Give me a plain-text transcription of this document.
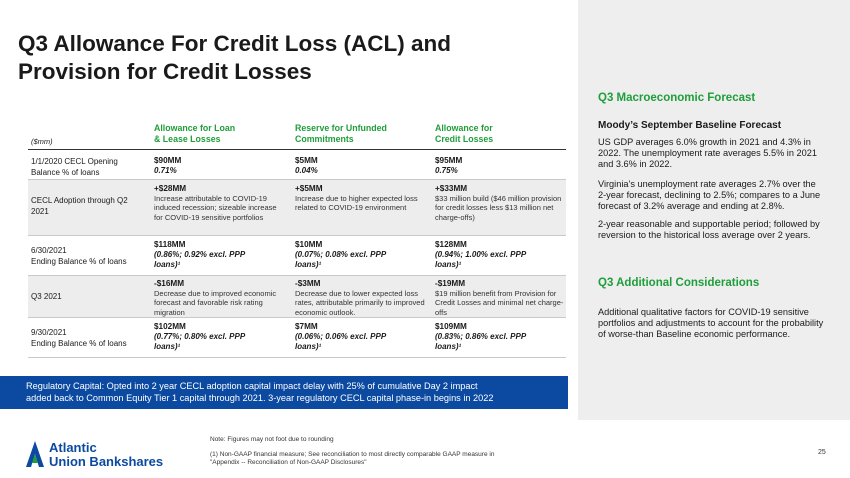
Q3 Allowance For Credit Loss (ACL) and
Provision for Credit Losses
Q3 Macroeconomic Forecast
Moody’s September Baseline Forecast
US GDP averages 6.0% growth in 2021 and 4.3% in 2022. The unemployment rate averages 5.5% in 2021 and 3.6% in 2022.
Virginia’s unemployment rate averages 2.7% over the 2-year forecast, declining to 2.5%; compares to a June forecast of 3.2% average and ending at 2.8%.
2-year reasonable and supportable period; followed by reversion to the historical loss average over 2 years.
Q3 Additional Considerations
Additional qualitative factors for COVID-19 sensitive portfolios and adjustments to account for the probability of worse-than Baseline economic performance.
($mm)
Allowance for Loan
& Lease Losses
Reserve for Unfunded
Commitments
Allowance for
Credit Losses
1/1/2020 CECL Opening
Balance % of loans
$90MM
0.71%
$5MM
0.04%
$95MM
0.75%
CECL Adoption through Q2
2021
+$28MM
Increase attributable to COVID-19 induced recession; sizeable increase for COVID-19 sensitive portfolios
+$5MM
Increase due to higher expected loss related to COVID-19 environment
+$33MM
$33 million build ($46 million provision for credit losses less $13 million net charge-offs)
6/30/2021
Ending Balance % of loans
$118MM
(0.86%; 0.92% excl. PPP
loans)¹
$10MM
(0.07%; 0.08% excl. PPP
loans)¹
$128MM
(0.94%; 1.00% excl. PPP
loans)¹
Q3 2021
-$16MM
Decrease due to improved economic forecast and favorable risk rating migration
-$3MM
Decrease due to lower expected loss rates, attributable primarily to improved economic outlook.
-$19MM
$19 million benefit from Provision for Credit Losses and minimal net charge-offs
9/30/2021
Ending Balance % of loans
$102MM
(0.77%; 0.80% excl. PPP
loans)¹
$7MM
(0.06%; 0.06% excl. PPP
loans)¹
$109MM
(0.83%; 0.86% excl. PPP
loans)¹
Regulatory Capital: Opted into 2 year CECL adoption capital impact delay with 25% of cumulative Day 2 impact
added back to Common Equity Tier 1 capital through 2021. 3-year regulatory CECL capital phase-in begins in 2022
Atlantic
Union Bankshares
Note: Figures may not foot due to rounding
(1) Non-GAAP financial measure; See reconciliation to most directly comparable GAAP measure in
"Appendix -- Reconciliation of Non-GAAP Disclosures"
25
